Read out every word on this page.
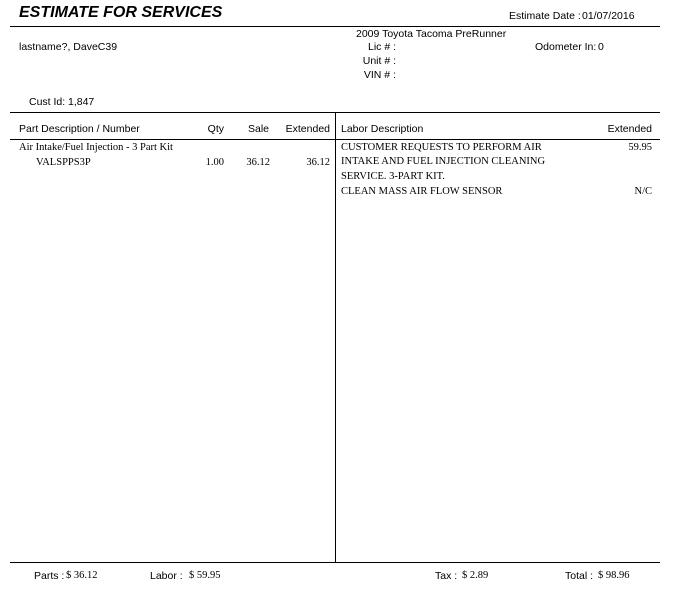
ESTIMATE FOR SERVICES	Estimate Date : 01/07/2016
lastname?, DaveC39
2009 Toyota Tacoma PreRunner
Lic # :
Unit # :
VIN # :
Odometer In: 0
Cust Id: 1,847
Part Description / Number	Qty	Sale	Extended Labor Description	Extended
Air Intake/Fuel Injection - 3 Part Kit
VALSPPS3P	1.00	36.12	36.12
CUSTOMER REQUESTS TO PERFORM AIR	59.95
INTAKE AND FUEL INJECTION CLEANING
SERVICE. 3-PART KIT.
CLEAN MASS AIR FLOW SENSOR	N/C
Parts : $ 36.12	Labor : $ 59.95	Tax : $ 2.89	Total : $ 98.96
